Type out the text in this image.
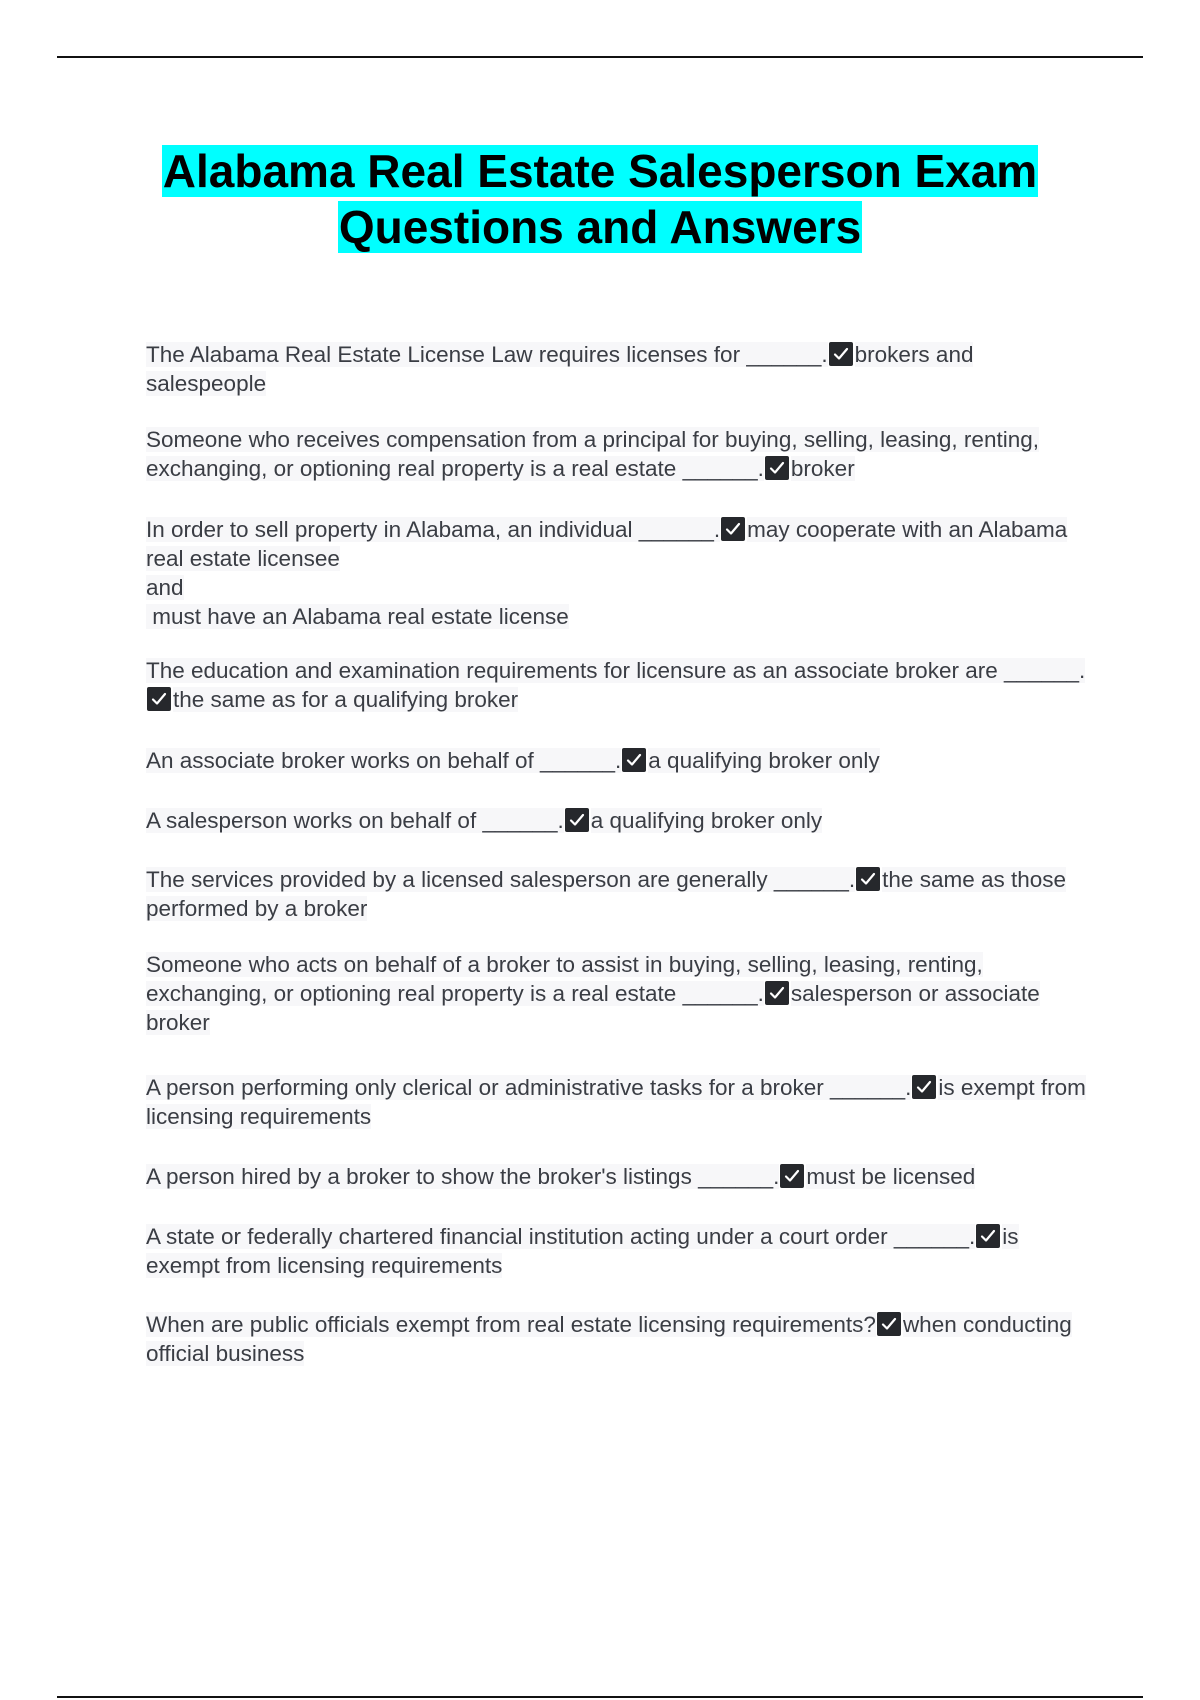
Alabama Real Estate Salesperson Exam
Questions and Answers
The Alabama Real Estate License Law requires licenses for ______. brokers and salespeople
Someone who receives compensation from a principal for buying, selling, leasing, renting, exchanging, or optioning real property is a real estate ______. broker
In order to sell property in Alabama, an individual ______. may cooperate with an Alabama real estate licensee
and
must have an Alabama real estate license
The education and examination requirements for licensure as an associate broker are ______.
the same as for a qualifying broker
An associate broker works on behalf of ______. a qualifying broker only
A salesperson works on behalf of ______. a qualifying broker only
The services provided by a licensed salesperson are generally ______. the same as those performed by a broker
Someone who acts on behalf of a broker to assist in buying, selling, leasing, renting, exchanging, or optioning real property is a real estate ______. salesperson or associate broker
A person performing only clerical or administrative tasks for a broker ______. is exempt from licensing requirements
A person hired by a broker to show the broker's listings ______. must be licensed
A state or federally chartered financial institution acting under a court order ______. is exempt from licensing requirements
When are public officials exempt from real estate licensing requirements? when conducting official business
